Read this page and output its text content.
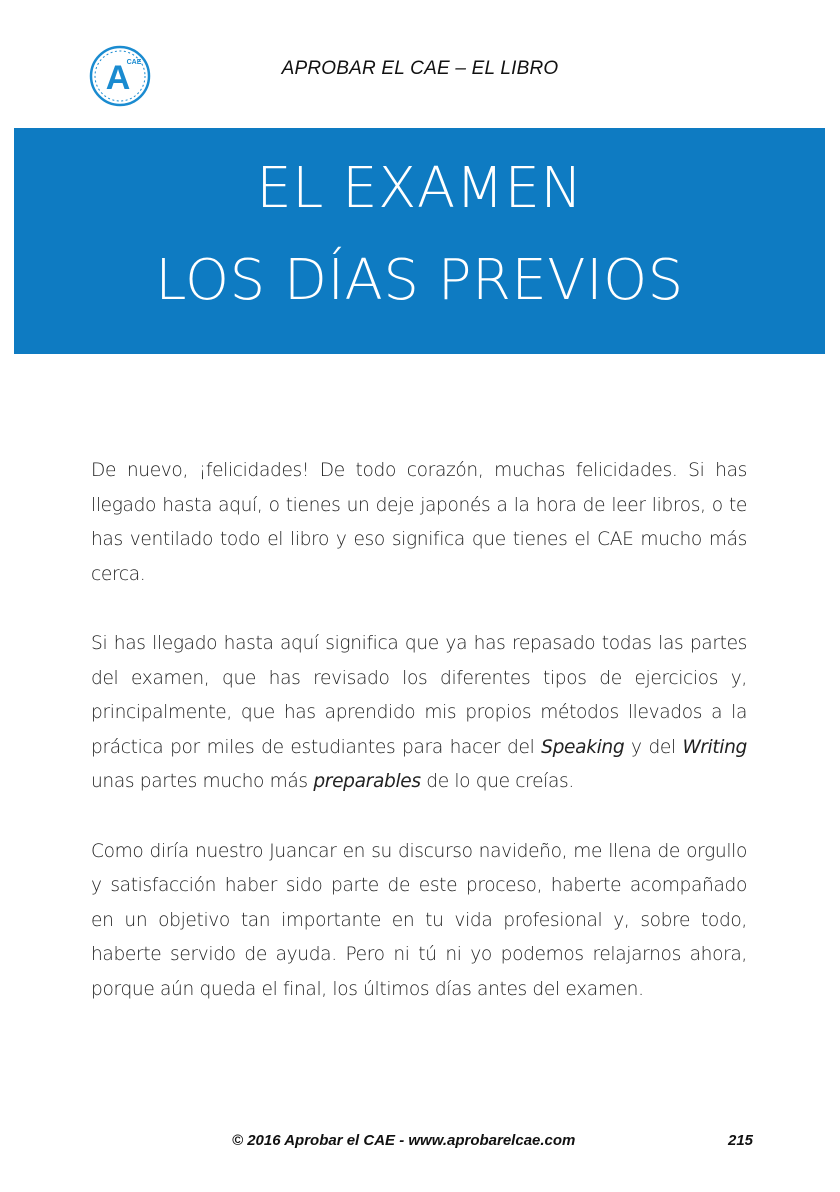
A
CAE	APROBAR EL CAE – EL LIBRO
EL EXAMEN
LOS DÍAS PREVIOS

De nuevo, ¡felicidades! De todo corazón, muchas felicidades. Si has llegado hasta aquí, o tienes un deje japonés a la hora de leer libros, o te has ventilado todo el libro y eso significa que tienes el CAE mucho más cerca.

Si has llegado hasta aquí significa que ya has repasado todas las partes del examen, que has revisado los diferentes tipos de ejercicios y, principalmente, que has aprendido mis propios métodos llevados a la práctica por miles de estudiantes para hacer del Speaking y del Writing unas partes mucho más preparables de lo que creías.

Como diría nuestro Juancar en su discurso navideño, me llena de orgullo y satisfacción haber sido parte de este proceso, haberte acompañado en un objetivo tan importante en tu vida profesional y, sobre todo, haberte servido de ayuda. Pero ni tú ni yo podemos relajarnos ahora, porque aún queda el final, los últimos días antes del examen.

© 2016 Aprobar el CAE - www.aprobarelcae.com	215
